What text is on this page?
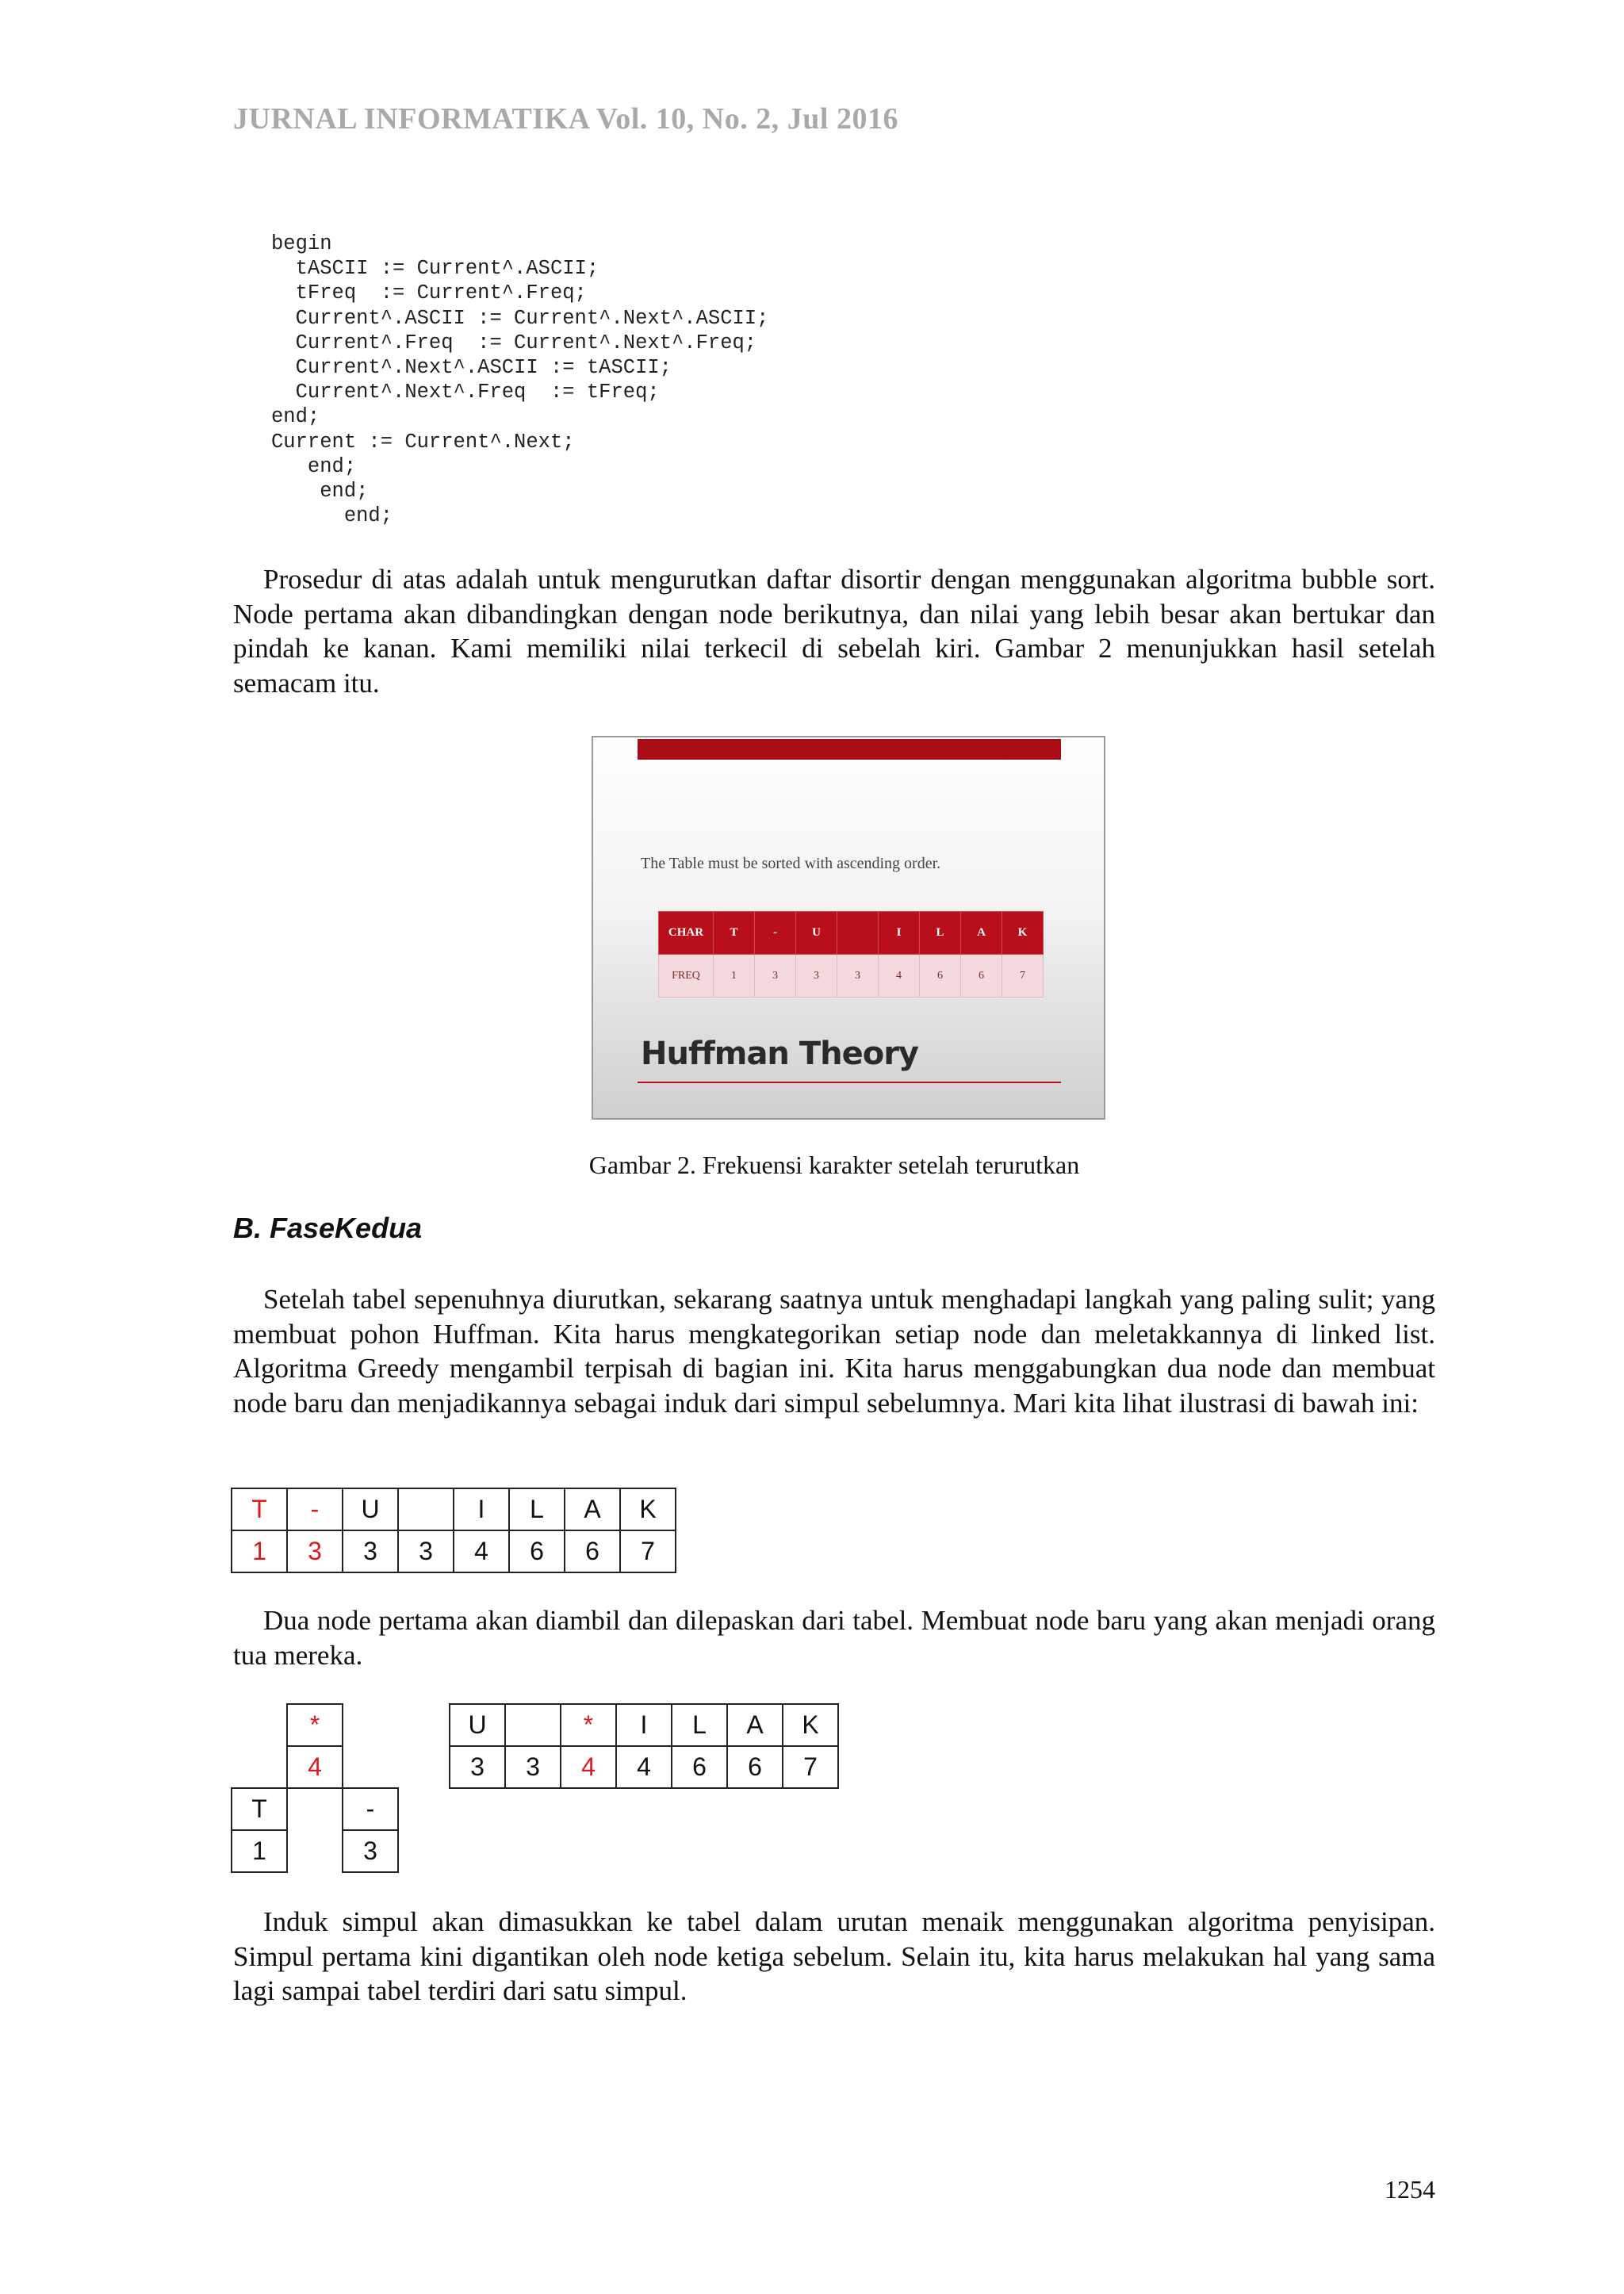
JURNAL INFORMATIKA Vol. 10, No. 2, Jul 2016
begin
tASCII := Current^.ASCII;
tFreq  := Current^.Freq;
Current^.ASCII := Current^.Next^.ASCII;
Current^.Freq  := Current^.Next^.Freq;
Current^.Next^.ASCII := tASCII;
Current^.Next^.Freq  := tFreq;
end;
Current := Current^.Next;
end;
end;
end;

Prosedur di atas adalah untuk mengurutkan daftar disortir dengan menggunakan algoritma bubble sort. Node pertama akan dibandingkan dengan node berikutnya, dan nilai yang lebih besar akan bertukar dan pindah ke kanan. Kami memiliki nilai terkecil di sebelah kiri. Gambar 2 menunjukkan hasil setelah semacam itu.

The Table must be sorted with ascending order.
CHAR	T	-	U		I	L	A	K
FREQ	1	3	3	3	4	6	6	7
Huffman Theory
Gambar 2. Frekuensi karakter setelah terurutkan
B. FaseKedua

Setelah tabel sepenuhnya diurutkan, sekarang saatnya untuk menghadapi langkah yang paling sulit; yang membuat pohon Huffman. Kita harus mengkategorikan setiap node dan meletakkannya di linked list. Algoritma Greedy mengambil terpisah di bagian ini. Kita harus menggabungkan dua node dan membuat node baru dan menjadikannya sebagai induk dari simpul sebelumnya. Mari kita lihat ilustrasi di bawah ini:

T	-	U		I	L	A	K
1	3	3	3	4	6	6	7

Dua node pertama akan diambil dan dilepaskan dari tabel. Membuat node baru yang akan menjadi orang tua mereka.

	*	
	4	
T		-
1		3
U		*	I	L	A	K
3	3	4	4	6	6	7

Induk simpul akan dimasukkan ke tabel dalam urutan menaik menggunakan algoritma penyisipan. Simpul pertama kini digantikan oleh node ketiga sebelum. Selain itu, kita harus melakukan hal yang sama lagi sampai tabel terdiri dari satu simpul.

1254
